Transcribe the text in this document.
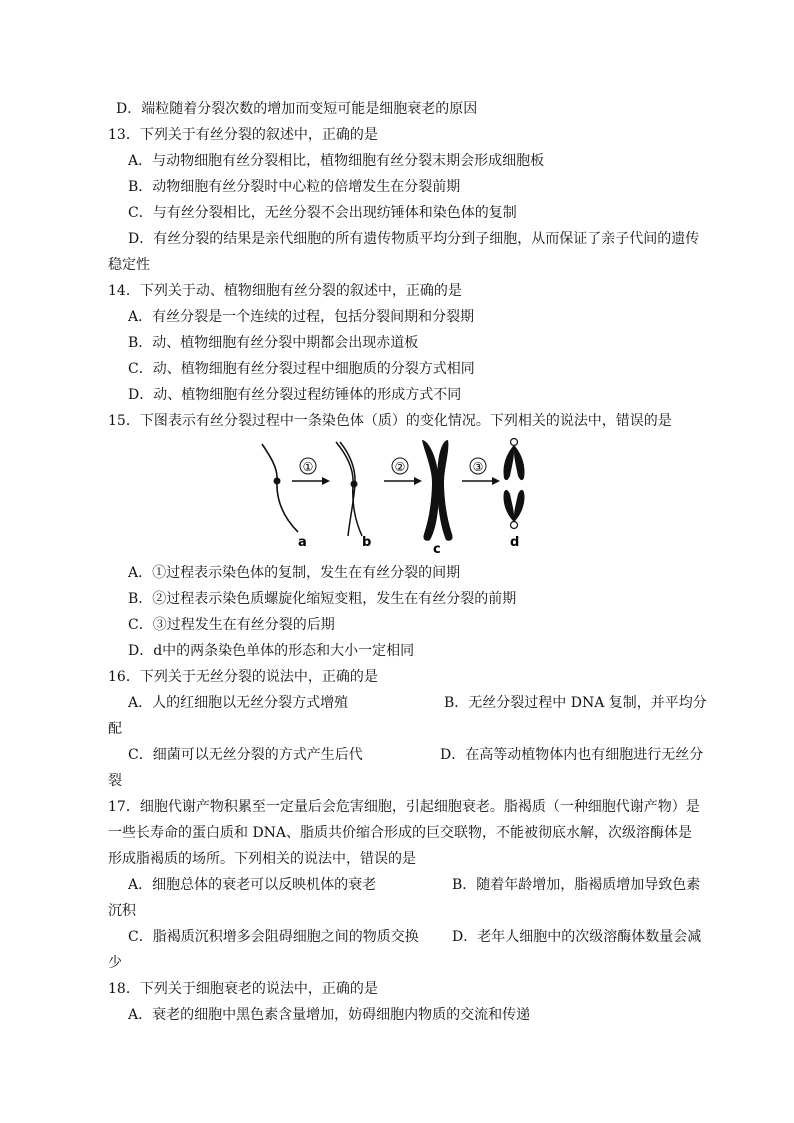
D．端粒随着分裂次数的增加而变短可能是细胞衰老的原因
13．下列关于有丝分裂的叙述中，正确的是
A．与动物细胞有丝分裂相比，植物细胞有丝分裂末期会形成细胞板
B．动物细胞有丝分裂时中心粒的倍增发生在分裂前期
C．与有丝分裂相比，无丝分裂不会出现纺锤体和染色体的复制
D．有丝分裂的结果是亲代细胞的所有遗传物质平均分到子细胞，从而保证了亲子代间的遗传
稳定性
14．下列关于动、植物细胞有丝分裂的叙述中，正确的是
A．有丝分裂是一个连续的过程，包括分裂间期和分裂期
B．动、植物细胞有丝分裂中期都会出现赤道板
C．动、植物细胞有丝分裂过程中细胞质的分裂方式相同
D．动、植物细胞有丝分裂过程纺锤体的形成方式不同
15．下图表示有丝分裂过程中一条染色体（质）的变化情况。下列相关的说法中，错误的是
a
①
b
②
c
③
d
A．①过程表示染色体的复制，发生在有丝分裂的间期
B．②过程表示染色质螺旋化缩短变粗，发生在有丝分裂的前期
C．③过程发生在有丝分裂的后期
D．d中的两条染色单体的形态和大小一定相同
16．下列关于无丝分裂的说法中，正确的是
A．人的红细胞以无丝分裂方式增殖	B．无丝分裂过程中 DNA 复制，并平均分
配
C．细菌可以无丝分裂的方式产生后代	D．在高等动植物体内也有细胞进行无丝分
裂
17．细胞代谢产物积累至一定量后会危害细胞，引起细胞衰老。脂褐质（一种细胞代谢产物）是
一些长寿命的蛋白质和 DNA、脂质共价缩合形成的巨交联物，不能被彻底水解，次级溶酶体是
形成脂褐质的场所。下列相关的说法中，错误的是
A．细胞总体的衰老可以反映机体的衰老	B．随着年龄增加，脂褐质增加导致色素
沉积
C．脂褐质沉积增多会阻碍细胞之间的物质交换 D．老年人细胞中的次级溶酶体数量会减
少
18．下列关于细胞衰老的说法中，正确的是
A．衰老的细胞中黑色素含量增加，妨碍细胞内物质的交流和传递
